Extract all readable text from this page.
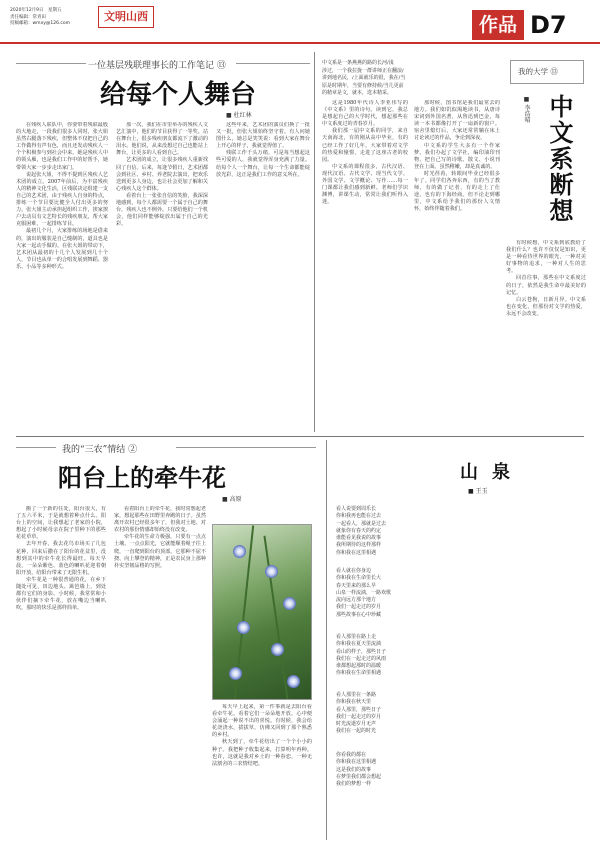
2020年12月9日　星期五
责任编辑：常青田
投稿邮箱：wmxy@126.com
文明山西	作品 D7
一位基层残联理事长的工作笔记 ⑬
给每个人舞台
■ 杜红林

在残疾人联队中，你要带着残联最殷的大地走，一段我们很多人同时，张大姐虽然右腿落下残疾，但整体不仅把自己的工作做得有声有色，而且还发动残疾人一个个积极参与到社会中来。她是残疾人中的领头雁，也是我们工作中的好帮手，她带领大家一步步走出家门。

说起张大姐，不得不提到区残疾人艺术团的成立。2007年前后，为丰富残疾人的精神文化生活，区残联决定组建一支自己的艺术团，由于残疾人自身的特点，排练一个节目要比健全人付出更多的努力。张大姐主动承担起组织工作，挨家挨户去动员有文艺特长的残疾朋友，帮大家克服困难，一起排练节目。

最初几个月，大家排练的场地是借来的，演出的服装是自己缝制的，道具也是大家一起动手做的。在张大姐的带动下，艺术团从最初的十几个人发展到几十个人，节目也从单一的合唱发展到舞蹈、器乐、小品等多种形式。

那一次，我们在市里举办的残疾人文艺汇演中，他们的节目获得了一等奖。站在舞台上，很多残疾朋友都流下了激动的泪水。他们说，从来没想过自己也能站上舞台，让更多的人看到自己。

艺术团的成立，让很多残疾人重新找回了自信。后来，每逢节假日，艺术团都会到社区、乡村、养老院去演出，把欢乐送到更多人身边，也让社会更加了解和关心残疾人这个群体。

看着台上一张张自信的笑脸，我深深地感到，每个人都需要一个属于自己的舞台，残疾人也不例外。只要给他们一个机会，他们同样能够绽放出属于自己的光彩。

这些年来，艺术团的演员们换了一批又一批，但张大姐始终坚守着。有人问她图什么，她总是笑笑说：看到大家在舞台上开心的样子，我就觉得值了。

残联工作千头万绪，可是每当想起这些可爱的人，我就觉得浑身充满了力量。给每个人一个舞台，让每一个生命都能绽放光彩，这正是我们工作的意义所在。

中文系是一条燕燕的路的长河/浅
涉过，一个我拉拢一群讲师正在翻浪/
讲到地名民，/上面就乐的很，我在/当
原是时期年，当要有修持候/当几更前
的精章是文，就本，选本精采。
我的大学 ⑬
中文系断想
■ 李浩晴

这是1980年代诗人李亚伟写的《中文系》里的诗句。读到它，我总是想起自己的大学时代，想起那些在中文系度过的青春岁月。

我们那一届中文系的同学，来自天南海北，有的刚从高中毕业，有的已经工作了好几年。大家带着对文学的热爱和憧憬，走进了这座古老的校园。

中文系的课程很多，古代汉语、现代汉语、古代文学、现当代文学、外国文学、文学概论、写作……每一门课都让我们感到新鲜。老师们学识渊博，讲课生动，常常让我们听得入迷。

那时候，图书馆是我们最常去的地方。我们如饥似渴地读书，从唐诗宋词到外国名著，从鲁迅到巴金，每读一本书都像打开了一扇新的窗户。宿舍里熄灯后，大家还常常躺在床上讨论读过的作品，争论到深夜。

中文系的学生大多有一个作家梦。我们办起了文学社，编印油印刊物，把自己写的诗歌、散文、小说刊登在上面。虽然稚嫩，却是真诚的。

时光荏苒，转眼间毕业已经很多年了。同学们各奔东西，有的当了教师，有的做了记者，有的走上了仕途，也有的下海经商。但不论走到哪里，中文系给予我们的那份人文情怀，始终伴随着我们。

有时候想，中文系到底教给了我们什么？也许不仅仅是知识，更是一种看待世界的眼光，一种对美好事物的追求，一种对人生的思考。

回首往事，那些在中文系度过的日子，依然是我生命中最美好的记忆。

白云苍狗，日新月异。中文系也在变化，但那份对文学的热爱，永远不会改变。

我的“三农”情结 ②
阳台上的牵牛花
■ 高原

搬了一个新的住处，阳台很大，有了五六平米，于是就想着种点什么。阳台上的空间，让我想起了老家的小院，想起了小时候母亲在院子里种下的那些花花草草。

去年开春，我去花鸟市场买了几包花种，回来后撒在了阳台的花盆里，没想到其中的牵牛花长得最旺。每天早晨，一朵朵紫色、蓝色的喇叭花迎着朝阳开放，给阳台带来了无限生机。

牵牛花是一种很普通的花，在乡下随处可见，田边地头、篱笆墙上，到处都有它们的身影。小时候，我常常和小伙伴们摘下牵牛花，放在嘴边当喇叭吹，那时的快乐是那样简单。

看着阳台上的牵牛花，我时常想起老家，想起那些在田野里奔跑的日子。虽然离开农村已经很多年了，但我对土地、对农村的那份情感却始终没有改变。

牵牛花的生命力极强，只要有一点点土壤、一点点阳光，它就能顺着绳子往上爬，一直爬到阳台的顶部。它那种不屈不挠、向上攀登的精神，正是农民身上那种朴实坚韧品格的写照。

每天早上起来，第一件事就是去阳台看看牵牛花。看着它们一朵朵地开放，心中便会涌起一种说不出的喜悦。有时候，我会给花浇浇水，拔拔草，仿佛又回到了那个熟悉的乡村。

秋天到了，牵牛花结出了一个个小小的种子。我把种子收集起来，打算明年再种。也许，这就是我对乡土的一种眷恋，一种无法割舍的三农情结吧。

山泉
■ 王玉
看人说要到周乐长
你和我再也能在过去
一起看人，那就是过去
就象你有春天的约定
谁能看见我说的故事
我所期待的这样那样
你和我在这里相遇
看人就在你身边
你和我在生命里长大
春天里来的那么早
山泉一样流淌，一路欢歌
流向远方那个地方
我们一起走过的岁月
那些故事在心中珍藏
看人那里在路上走
你和我在夏天里流淌
看山的样子，那些日子
我们在一起走过的风雨
谁都想起那时的温暖
你和我在生命里相遇
看人那里在一条路
你和我在秋天里
看人那里，那些日子
我们一起走过的岁月
时光流逝岁月无声
我们在一起的时光
你看我的都在
你和我在这里相遇
这是我们的故事
在梦里我们都会想起
我们的梦想一样
